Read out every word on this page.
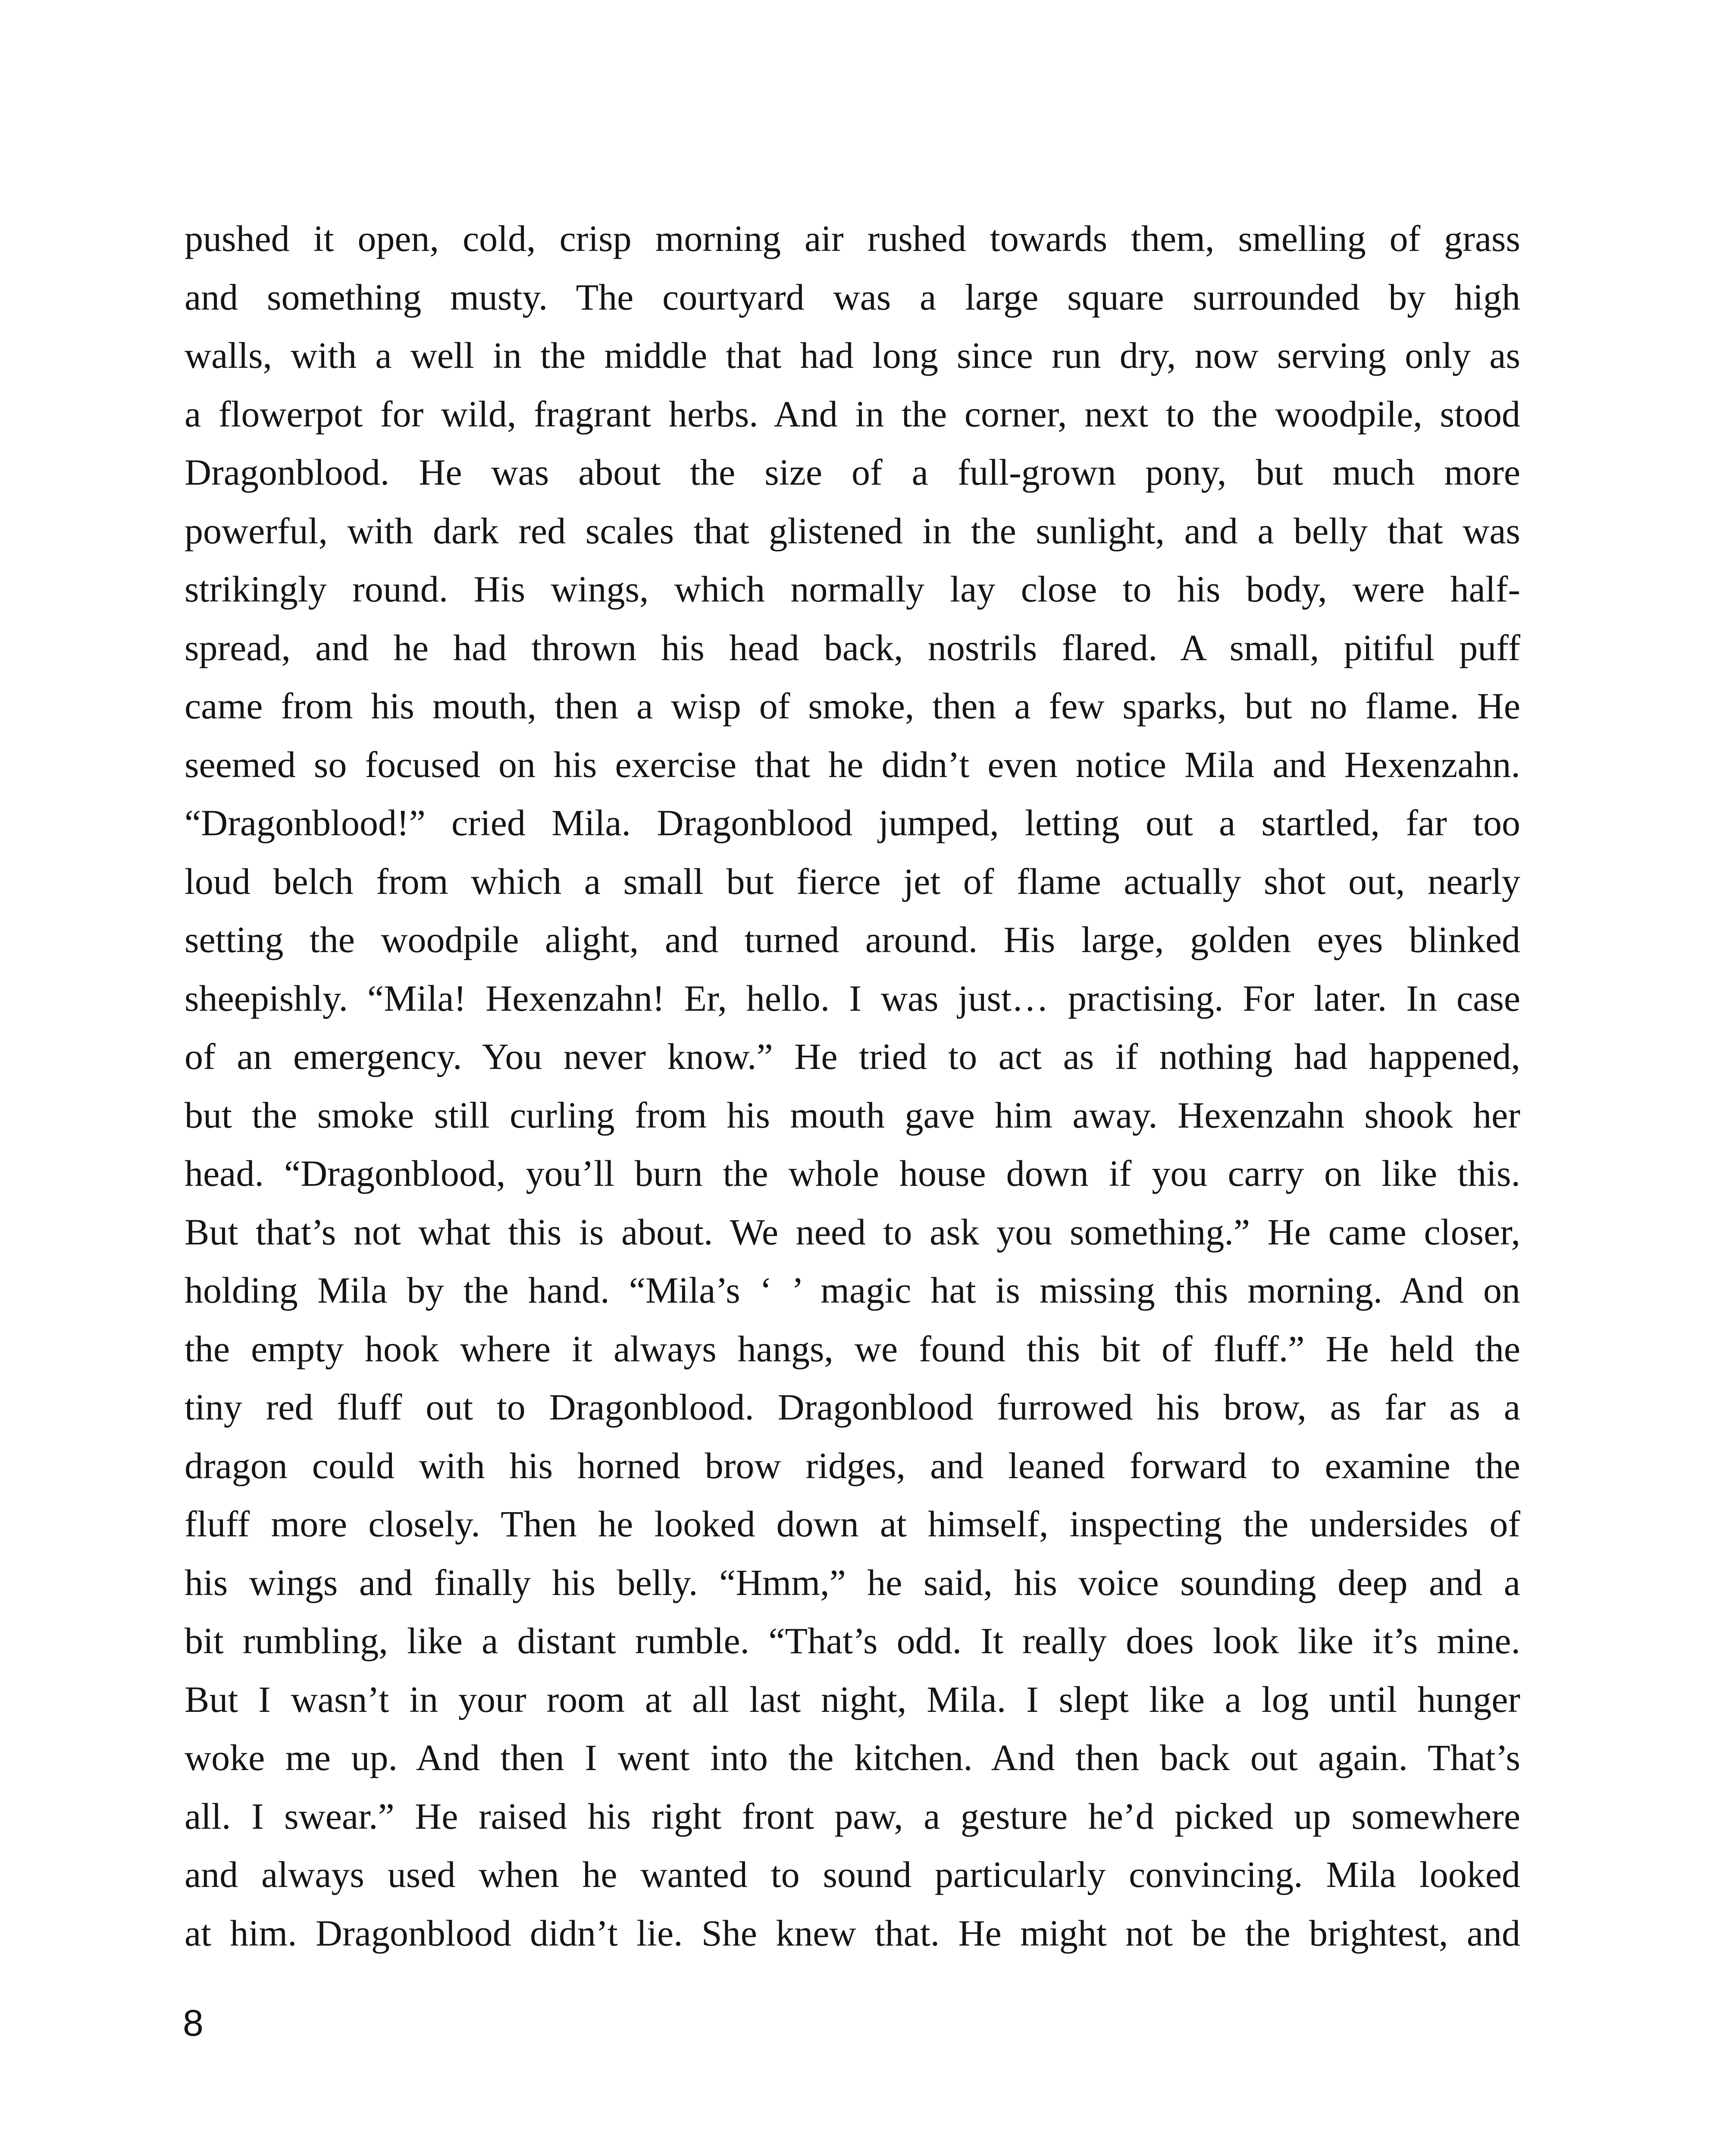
pushed it open, cold, crisp morning air rushed towards them, smelling of grass
and something musty. The courtyard was a large square surrounded by high
walls, with a well in the middle that had long since run dry, now serving only as
a flowerpot for wild, fragrant herbs. And in the corner, next to the woodpile, stood
Dragonblood. He was about the size of a full-grown pony, but much more
powerful, with dark red scales that glistened in the sunlight, and a belly that was
strikingly round. His wings, which normally lay close to his body, were half-
spread, and he had thrown his head back, nostrils flared. A small, pitiful puff
came from his mouth, then a wisp of smoke, then a few sparks, but no flame. He
seemed so focused on his exercise that he didn’t even notice Mila and Hexenzahn.
“Dragonblood!” cried Mila. Dragonblood jumped, letting out a startled, far too
loud belch from which a small but fierce jet of flame actually shot out, nearly
setting the woodpile alight, and turned around. His large, golden eyes blinked
sheepishly. “Mila! Hexenzahn! Er, hello. I was just… practising. For later. In case
of an emergency. You never know.” He tried to act as if nothing had happened,
but the smoke still curling from his mouth gave him away. Hexenzahn shook her
head. “Dragonblood, you’ll burn the whole house down if you carry on like this.
But that’s not what this is about. We need to ask you something.” He came closer,
holding Mila by the hand. “Mila’s ‘ ’ magic hat is missing this morning. And on
the empty hook where it always hangs, we found this bit of fluff.” He held the
tiny red fluff out to Dragonblood. Dragonblood furrowed his brow, as far as a
dragon could with his horned brow ridges, and leaned forward to examine the
fluff more closely. Then he looked down at himself, inspecting the undersides of
his wings and finally his belly. “Hmm,” he said, his voice sounding deep and a
bit rumbling, like a distant rumble. “That’s odd. It really does look like it’s mine.
But I wasn’t in your room at all last night, Mila. I slept like a log until hunger
woke me up. And then I went into the kitchen. And then back out again. That’s
all. I swear.” He raised his right front paw, a gesture he’d picked up somewhere
and always used when he wanted to sound particularly convincing. Mila looked
at him. Dragonblood didn’t lie. She knew that. He might not be the brightest, and
8
